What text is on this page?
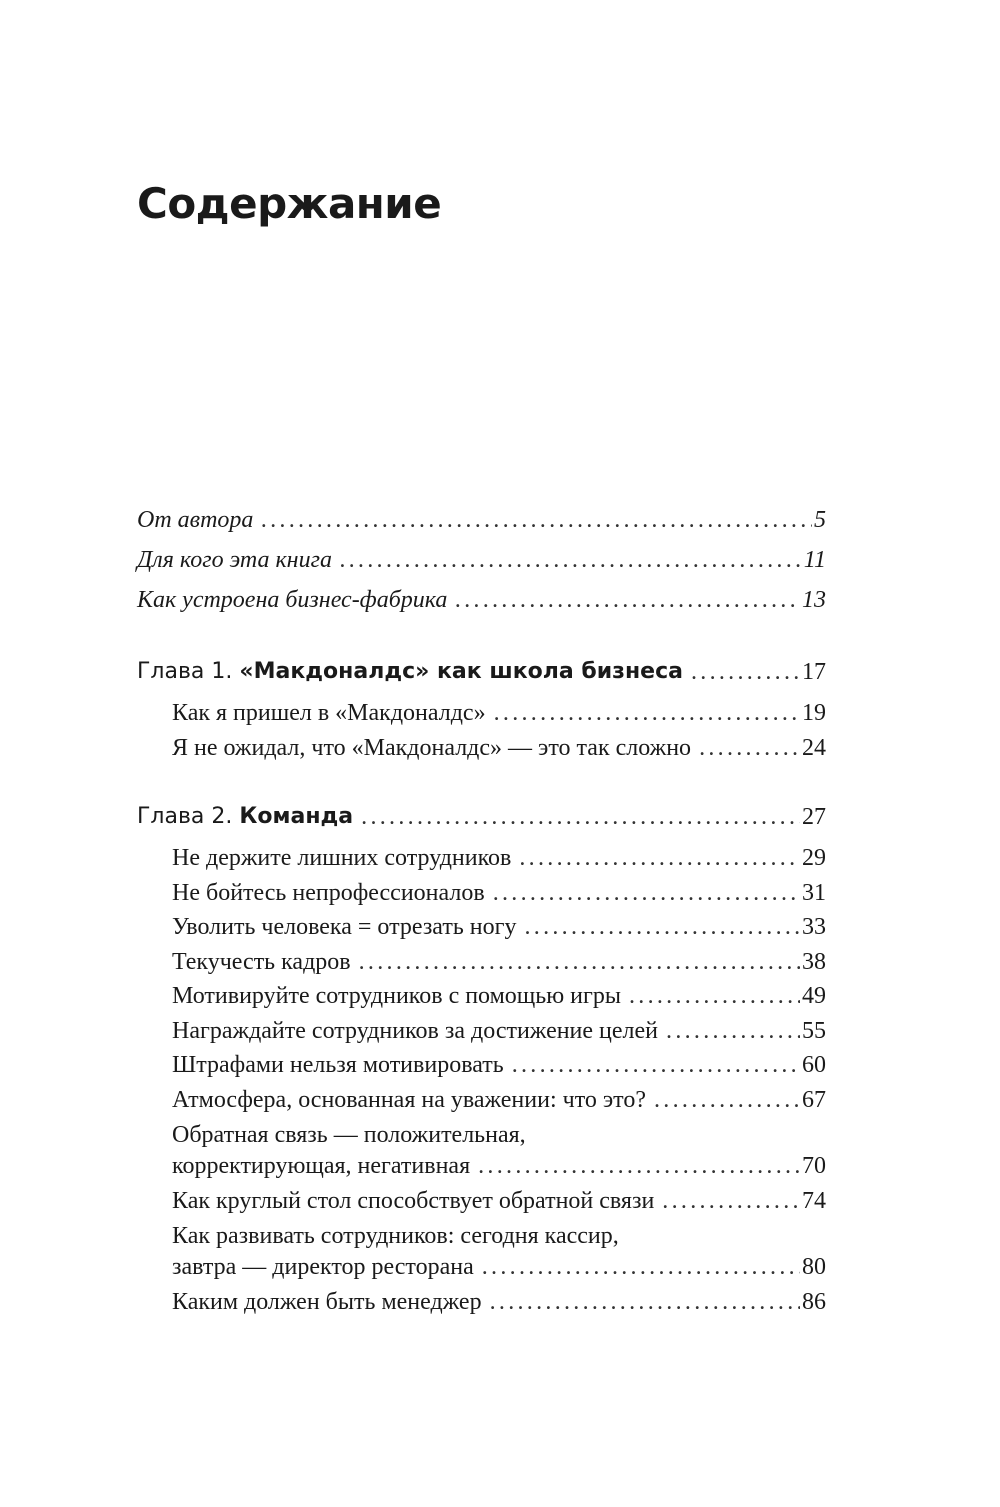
Содержание
От автора .....	5
Для кого эта книга .....	11
Как устроена бизнес-фабрика .....	13
Глава 1. «Макдоналдс» как школа бизнеса .....	17
Как я пришел в «Макдоналдс» .....	19
Я не ожидал, что «Макдоналдс» — это так сложно .....	24
Глава 2. Команда .....	27
Не держите лишних сотрудников .....	29
Не бойтесь непрофессионалов .....	31
Уволить человека = отрезать ногу .....	33
Текучесть кадров .....	38
Мотивируйте сотрудников с помощью игры .....	49
Награждайте сотрудников за достижение целей .....	55
Штрафами нельзя мотивировать .....	60
Атмосфера, основанная на уважении: что это? .....	67
Обратная связь — положительная,
корректирующая, негативная .....	70
Как круглый стол способствует обратной связи .....	74
Как развивать сотрудников: сегодня кассир,
завтра — директор ресторана .....	80
Каким должен быть менеджер .....	86
